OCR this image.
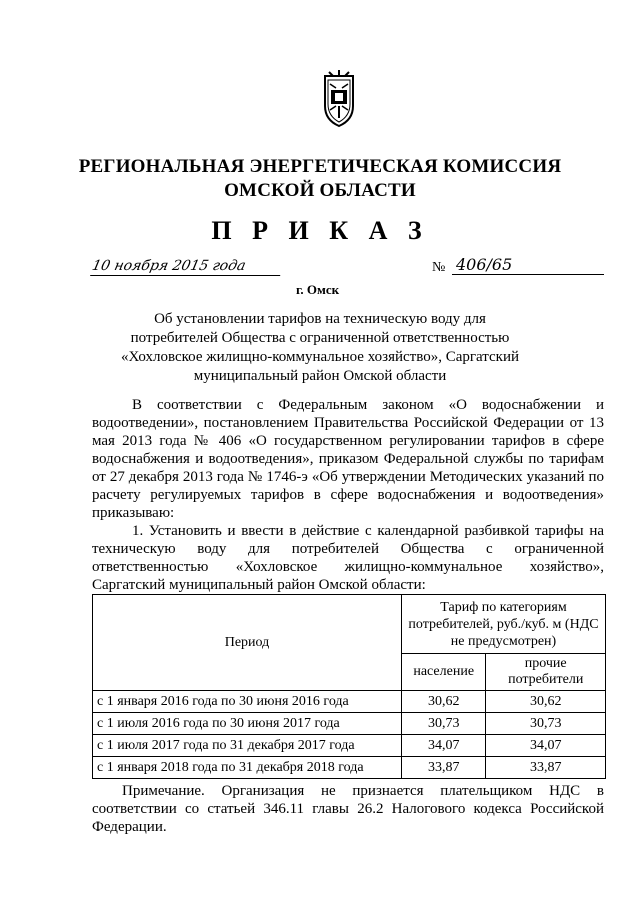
РЕГИОНАЛЬНАЯ ЭНЕРГЕТИЧЕСКАЯ КОМИССИЯ
ОМСКОЙ ОБЛАСТИ
П Р И К А З
10 ноября 2015 года
г. Омск
№ 406/65
Об установлении тарифов на техническую воду для потребителей Общества с ограниченной ответственностью «Хохловское жилищно-коммунальное хозяйство», Саргатский муниципальный район Омской области

В соответствии с Федеральным законом «О водоснабжении и водоотведении», постановлением Правительства Российской Федерации от 13 мая 2013 года № 406 «О государственном регулировании тарифов в сфере водоснабжения и водоотведения», приказом Федеральной службы по тарифам от 27 декабря 2013 года № 1746-э «Об утверждении Методических указаний по расчету регулируемых тарифов в сфере водоснабжения и водоотведения» приказываю:

1. Установить и ввести в действие с календарной разбивкой тарифы на техническую воду для потребителей Общества с ограниченной ответственностью «Хохловское жилищно-коммунальное хозяйство», Саргатский муниципальный район Омской области:

Период	Тариф по категориям потребителей, руб./куб. м (НДС не предусмотрен)	
	население	прочие потребители
с 1 января 2016 года по 30 июня 2016 года	30,62	30,62
с 1 июля 2016 года по 30 июня 2017 года	30,73	30,73
с 1 июля 2017 года по 31 декабря 2017 года	34,07	34,07
с 1 января 2018 года по 31 декабря 2018 года	33,87	33,87
Примечание. Организация не признается плательщиком НДС в соответствии со статьей 346.11 главы 26.2 Налогового кодекса Российской Федерации.
